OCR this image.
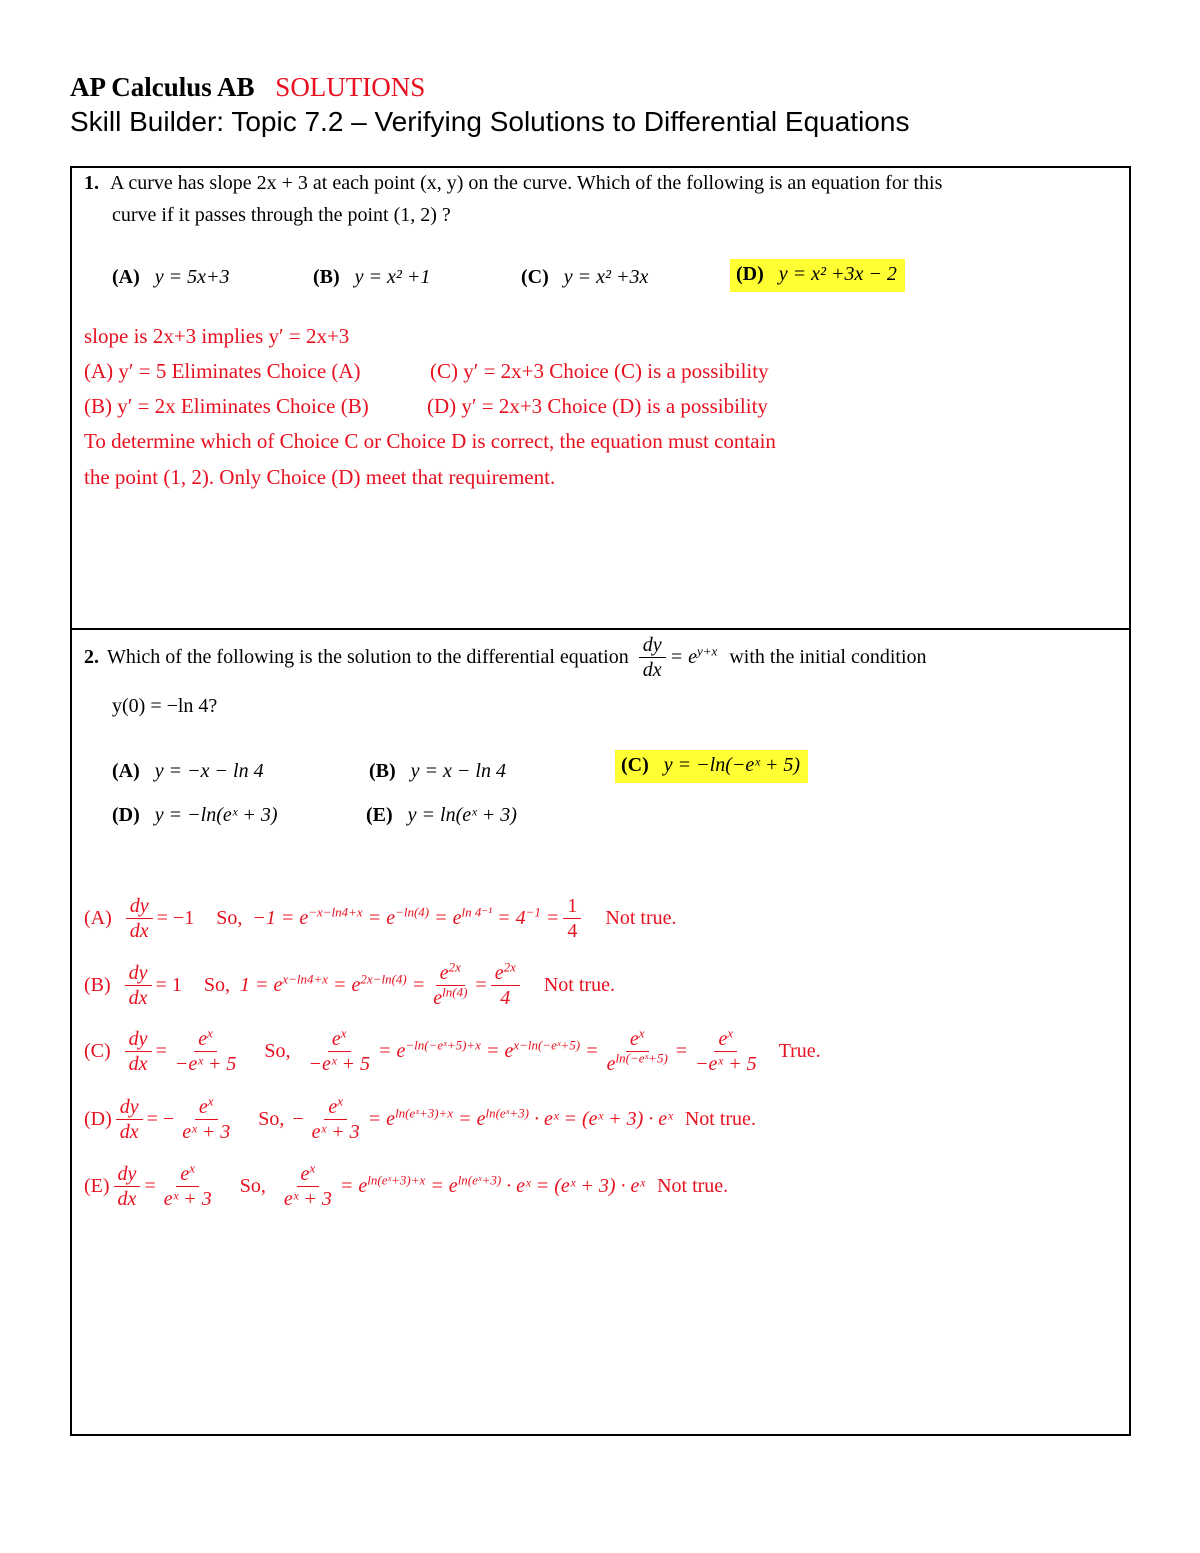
AP Calculus AB SOLUTIONS
Skill Builder: Topic 7.2 – Verifying Solutions to Differential Equations
1. A curve has slope 2x + 3 at each point (x, y) on the curve. Which of the following is an equation for this
curve if it passes through the point (1, 2) ?
(A) y = 5x+3	(B) y = x² +1	(C) y = x² +3x	(D) y = x² +3x − 2
slope is 2x+3 implies y′ = 2x+3
(A) y′ = 5 Eliminates Choice (A)	(C) y′ = 2x+3 Choice (C) is a possibility
(B) y′ = 2x Eliminates Choice (B)	(D) y′ = 2x+3 Choice (D) is a possibility
To determine which of Choice C or Choice D is correct, the equation must contain
the point (1, 2). Only Choice (D) meet that requirement.
2. Which of the following is the solution to the differential equation $\frac{dy}{dx} = e^{y+x}$ with the initial condition
y(0) = −ln 4?
(A) y = −x − ln 4	(B) y = x − ln 4	(C) y = −ln(−eˣ + 5)
(D) y = −ln(eˣ + 3)	(E) y = ln(eˣ + 3)
$(A) \frac{dy}{dx} = -1$ So, $-1 = e^{-x-ln4+x} = e^{-ln(4)} = e^{ln 4^{-1}} = 4^{-1} = \frac{1}{4}$ Not true.
$(B) \frac{dy}{dx} = 1$ So, $1 = e^{x-ln4+x} = e^{2x-ln(4)} = \frac{e^{2x}}{e^{ln(4)}} = \frac{e^{2x}}{4}$ Not true.
$(C) \frac{dy}{dx} = \frac{e^x}{\text{−eˣ + 5}} So$, $\frac{e^x}{\text{−eˣ + 5}} = e^{-ln(-eˣ+5)+x} = e^{x-ln(-eˣ+5)} = \frac{e^x}{e^{ln(-eˣ+5)}} = \frac{e^x}{\text{−eˣ + 5}}$ True.
$(D) \frac{dy}{dx}$ = − $\frac{e^x}{\text{eˣ + 3}} So$, − $\frac{e^x}{\text{eˣ + 3}} = e^{ln(eˣ+3)+x} = e^{ln(eˣ+3)}$ · eˣ = (eˣ + 3) · eˣ Not true.
$(E) \frac{dy}{dx} = \frac{e^x}{\text{eˣ + 3}} So$, $\frac{e^x}{\text{eˣ + 3}} = e^{ln(eˣ+3)+x} = e^{ln(eˣ+3)}$ · eˣ = (eˣ + 3) · eˣ Not true.
